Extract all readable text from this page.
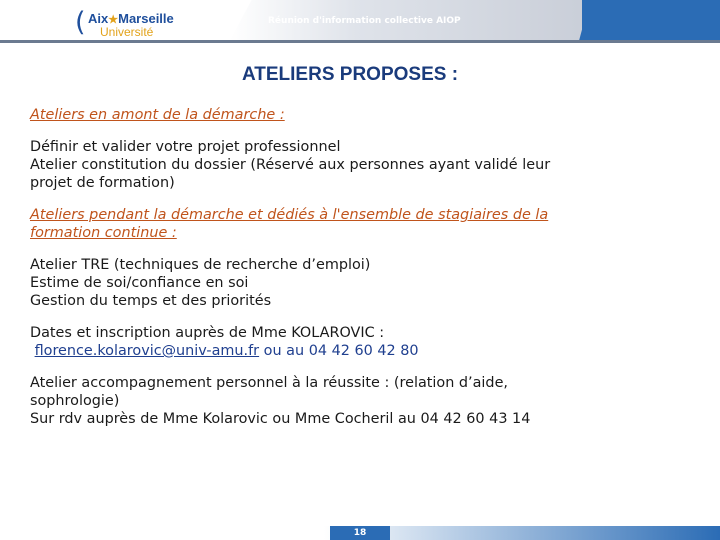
( Aix★Marseille
Université
Réunion d'information collective AIOP
ATELIERS PROPOSES :

Ateliers en amont de la démarche :

Définir et valider votre projet professionnel

Atelier constitution du dossier (Réservé aux personnes ayant validé leur

projet de formation)

Ateliers pendant la démarche et dédiés à l'ensemble de stagiaires de la
formation continue :

Atelier TRE (techniques de recherche d’emploi)

Estime de soi/confiance en soi

Gestion du temps et des priorités

Dates et inscription auprès de Mme KOLAROVIC :

florence.kolarovic@univ-amu.fr ou au 04 42 60 42 80

Atelier accompagnement personnel à la réussite : (relation d’aide,

sophrologie)

Sur rdv auprès de Mme Kolarovic ou Mme Cocheril au 04 42 60 43 14

18
